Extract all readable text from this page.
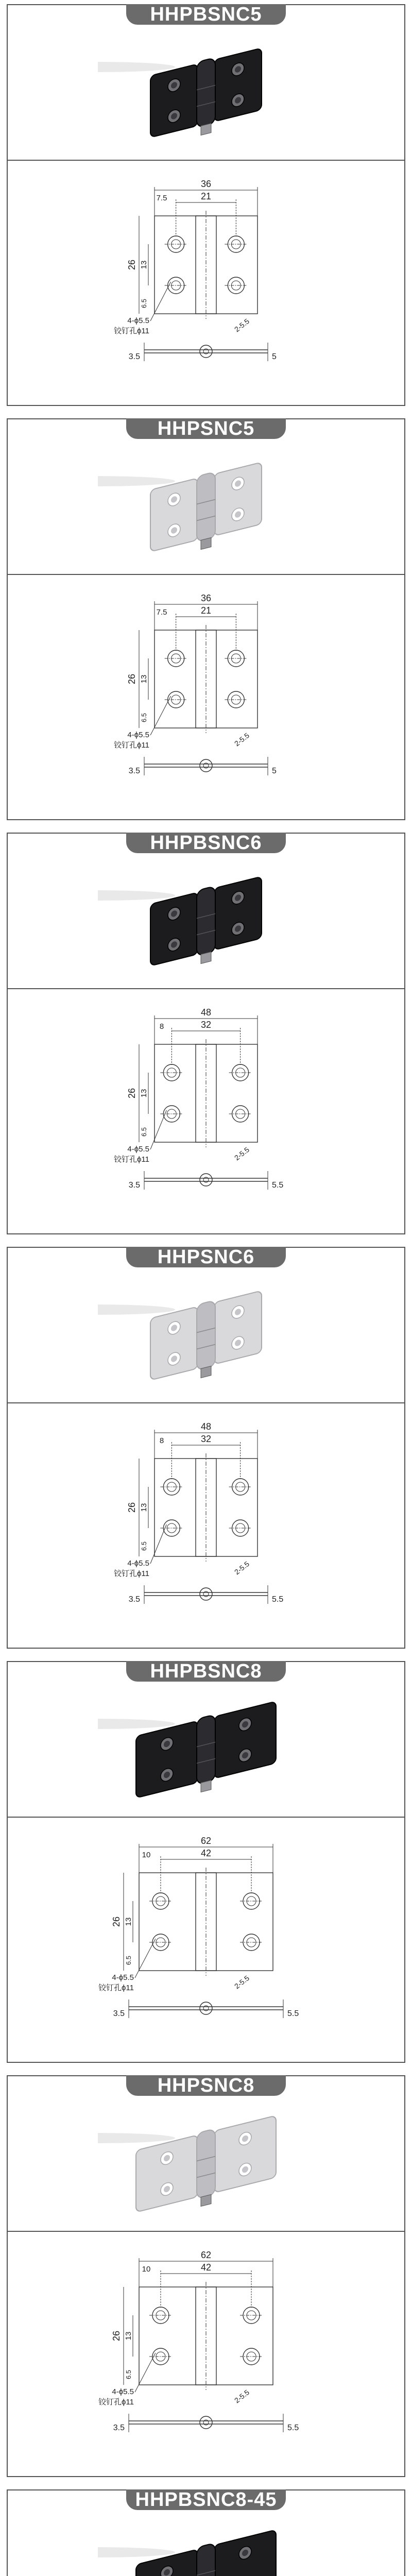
HHPBSNC5
36
21
7.5
26 13
6.5
4-ϕ5.5
铰钉孔ϕ11	2-5.5
3.5	5
HHPSNC5
36
21
7.5
26 13
6.5
4-ϕ5.5
铰钉孔ϕ11	2-5.5
3.5	5
HHPBSNC6
48
32
8
26 13
6.5
4-ϕ5.5
铰钉孔ϕ11	2-5.5
3.5	5.5
HHPSNC6
48
32
8
26 13
6.5
4-ϕ5.5
铰钉孔ϕ11	2-5.5
3.5	5.5
HHPBSNC8
62
42
10
26 13
6.5
4-ϕ5.5
铰钉孔ϕ11	2-5.5
3.5	5.5
HHPSNC8
62
42
10
26 13
6.5
4-ϕ5.5
铰钉孔ϕ11	2-5.5
3.5	5.5
HHPBSNC8-45
